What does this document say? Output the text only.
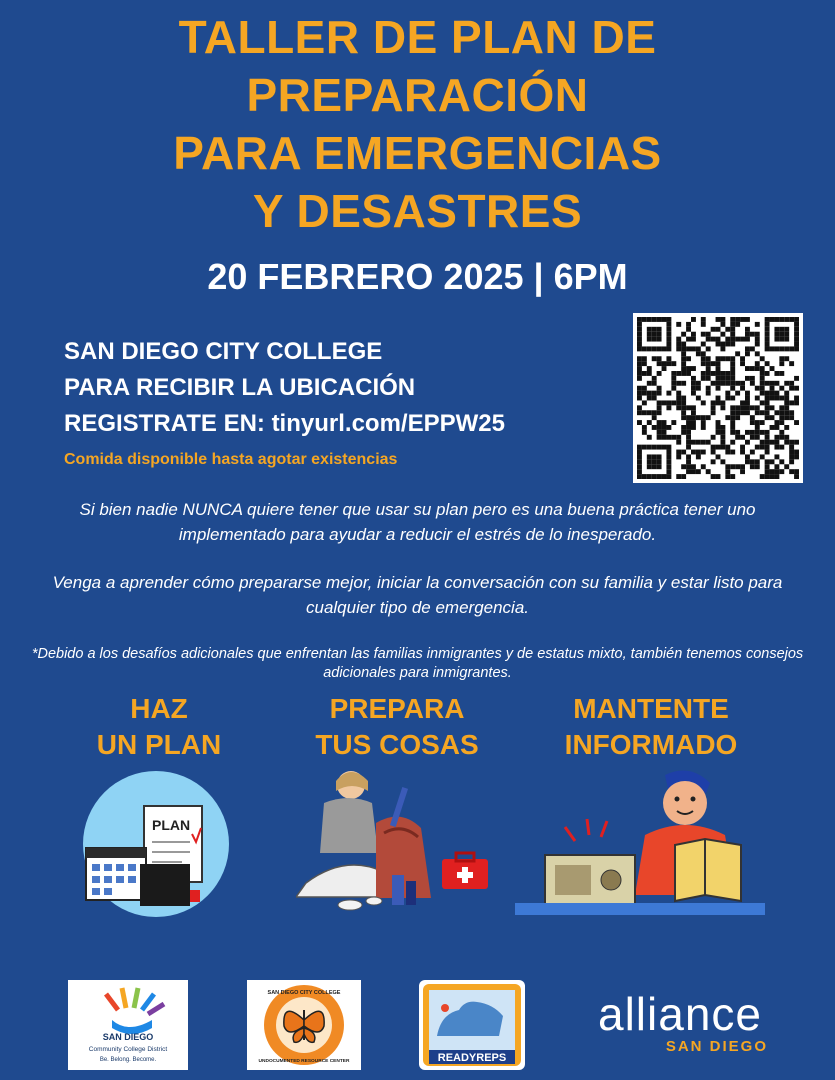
TALLER DE PLAN DE
PREPARACIÓN
PARA EMERGENCIAS
Y DESASTRES
20 FEBRERO 2025 | 6PM
SAN DIEGO CITY COLLEGE
PARA RECIBIR LA UBICACIÓN
REGISTRATE EN: tinyurl.com/EPPW25
Comida disponible hasta agotar existencias
Si bien nadie NUNCA quiere tener que usar su plan pero es una buena práctica tener uno implementado para ayudar a reducir el estrés de lo inesperado.
Venga a aprender cómo prepararse mejor, iniciar la conversación con su familia y estar listo para cualquier tipo de emergencia.
*Debido a los desafíos adicionales que enfrentan las familias inmigrantes y de estatus mixto, también tenemos consejos adicionales para inmigrantes.
HAZ
UN PLAN
PREPARA
TUS COSAS
MANTENTE
INFORMADO
PLAN
SAN DIEGO
Community College District
Be. Belong. Become.
SAN DIEGO CITY COLLEGE
UNDOCUMENTED RESOURCE CENTER	READYREPS
alliance
SAN DIEGO
